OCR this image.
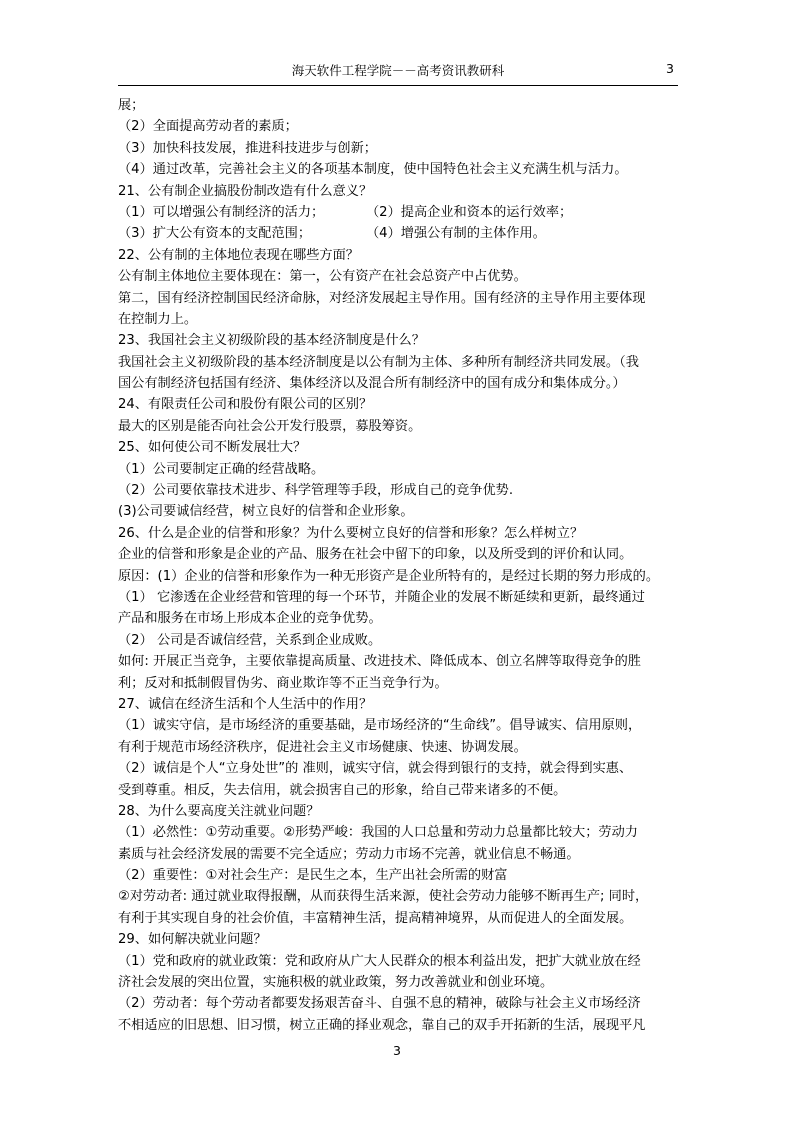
海天软件工程学院－－高考资讯教研科	3
展；
（2）全面提高劳动者的素质；
（3）加快科技发展，推进科技进步与创新；
（4）通过改革，完善社会主义的各项基本制度，使中国特色社会主义充满生机与活力。
21、公有制企业搞股份制改造有什么意义？
（1）可以增强公有制经济的活力；	（2）提高企业和资本的运行效率；
（3）扩大公有资本的支配范围；	（4）增强公有制的主体作用。
22、公有制的主体地位表现在哪些方面？
公有制主体地位主要体现在：第一，公有资产在社会总资产中占优势。
第二，国有经济控制国民经济命脉，对经济发展起主导作用。国有经济的主导作用主要体现
在控制力上。
23、我国社会主义初级阶段的基本经济制度是什么？
我国社会主义初级阶段的基本经济制度是以公有制为主体、多种所有制经济共同发展。（我
国公有制经济包括国有经济、集体经济以及混合所有制经济中的国有成分和集体成分。）
24、有限责任公司和股份有限公司的区别？
最大的区别是能否向社会公开发行股票，募股筹资。
25、如何使公司不断发展壮大？
（1）公司要制定正确的经营战略。
（2）公司要依靠技术进步、科学管理等手段，形成自己的竞争优势.
(3)公司要诚信经营，树立良好的信誉和企业形象。
26、什么是企业的信誉和形象？为什么要树立良好的信誉和形象？怎么样树立？
企业的信誉和形象是企业的产品、服务在社会中留下的印象，以及所受到的评价和认同。
原因：(1）企业的信誉和形象作为一种无形资产是企业所特有的，是经过长期的努力形成的。
（1） 它渗透在企业经营和管理的每一个环节，并随企业的发展不断延续和更新，最终通过
产品和服务在市场上形成本企业的竞争优势。
（2） 公司是否诚信经营，关系到企业成败。
如何: 开展正当竞争，主要依靠提高质量、改进技术、降低成本、创立名牌等取得竞争的胜
利；反对和抵制假冒伪劣、商业欺诈等不正当竞争行为。
27、诚信在经济生活和个人生活中的作用？
（1）诚实守信，是市场经济的重要基础，是市场经济的“生命线”。倡导诚实、信用原则，
有利于规范市场经济秩序，促进社会主义市场健康、快速、协调发展。
（2）诚信是个人“立身处世”的 准则，诚实守信，就会得到银行的支持，就会得到实惠、
受到尊重。相反，失去信用，就会损害自己的形象，给自己带来诸多的不便。
28、为什么要高度关注就业问题？
（1）必然性：①劳动重要。②形势严峻：我国的人口总量和劳动力总量都比较大；劳动力
素质与社会经济发展的需要不完全适应；劳动力市场不完善，就业信息不畅通。
（2）重要性：①对社会生产：是民生之本，生产出社会所需的财富
②对劳动者: 通过就业取得报酬，从而获得生活来源，使社会劳动力能够不断再生产; 同时，
有利于其实现自身的社会价值，丰富精神生活，提高精神境界，从而促进人的全面发展。
29、如何解决就业问题？
（1）党和政府的就业政策：党和政府从广大人民群众的根本利益出发，把扩大就业放在经
济社会发展的突出位置，实施积极的就业政策，努力改善就业和创业环境。
（2）劳动者：每个劳动者都要发扬艰苦奋斗、自强不息的精神，破除与社会主义市场经济
不相适应的旧思想、旧习惯，树立正确的择业观念，靠自己的双手开拓新的生活，展现平凡
3
